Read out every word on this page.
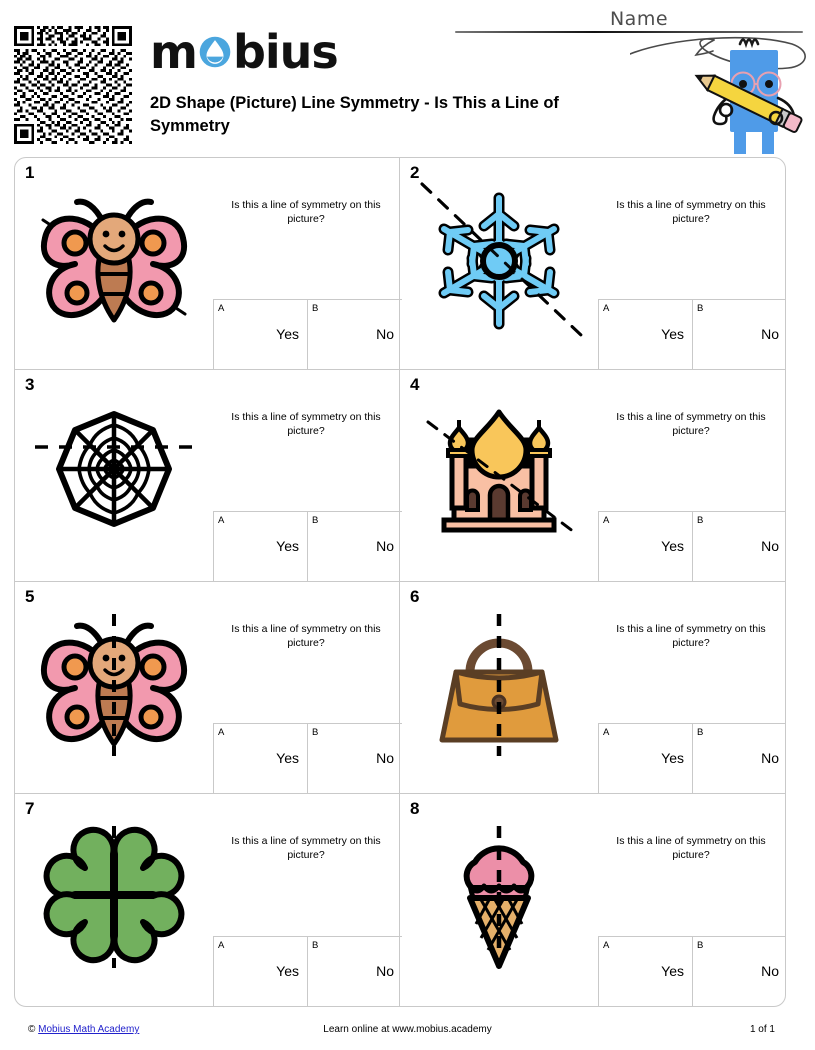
m bius
2D Shape (Picture) Line Symmetry - Is This a Line of Symmetry
Name
1
Is this a line of symmetry on this picture?
A
Yes
B
No
2
Is this a line of symmetry on this picture?
A
Yes
B
No
3
Is this a line of symmetry on this picture?
A
Yes
B
No
4
Is this a line of symmetry on this picture?
A
Yes
B
No
5
Is this a line of symmetry on this picture?
A
Yes
B
No
6
Is this a line of symmetry on this picture?
A
Yes
B
No
7
Is this a line of symmetry on this picture?
A
Yes
B
No
8
Is this a line of symmetry on this picture?
A
Yes
B
No
© Mobius Math Academy	Learn online at www.mobius.academy	1 of 1
